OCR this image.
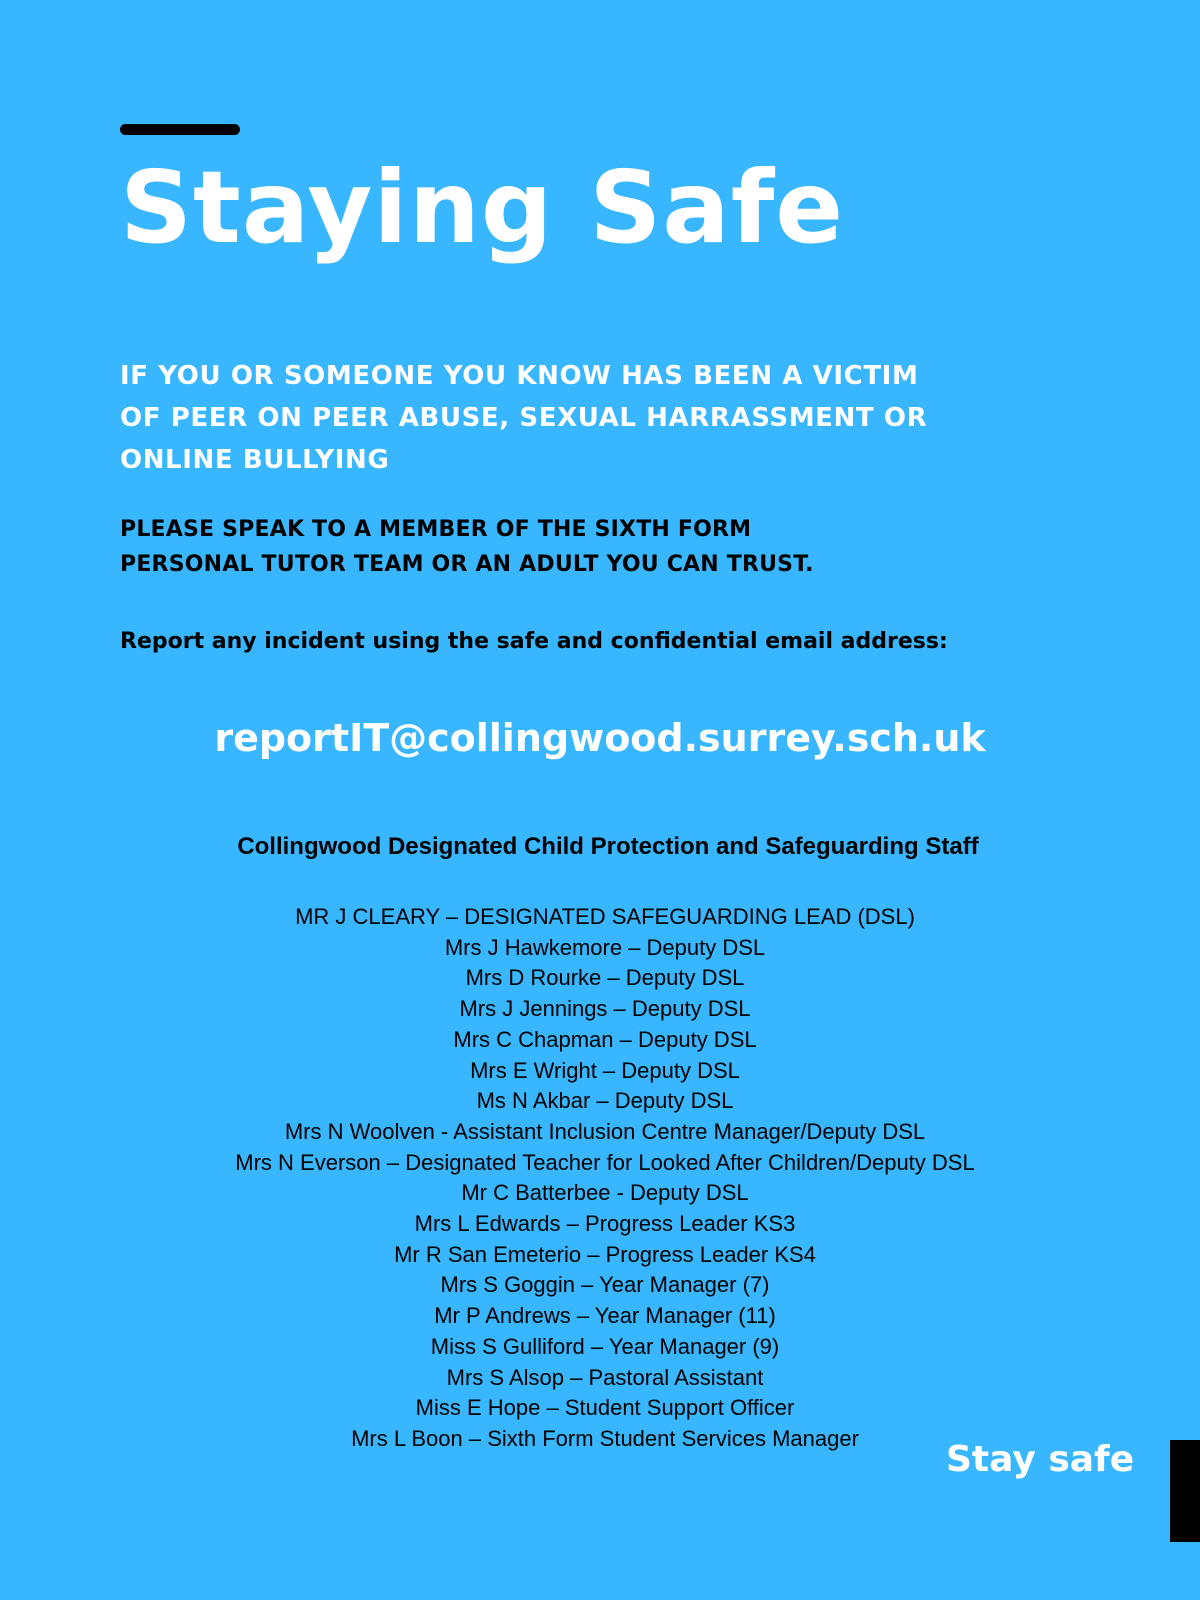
Staying Safe

IF YOU OR SOMEONE YOU KNOW HAS BEEN A VICTIM
OF PEER ON PEER ABUSE, SEXUAL HARRASSMENT OR
ONLINE BULLYING

PLEASE SPEAK TO A MEMBER OF THE SIXTH FORM
PERSONAL TUTOR TEAM OR AN ADULT YOU CAN TRUST.

Report any incident using the safe and confidential email address:

reportIT@collingwood.surrey.sch.uk
Collingwood Designated Child Protection and Safeguarding Staff
MR J CLEARY – DESIGNATED SAFEGUARDING LEAD (DSL)
Mrs J Hawkemore – Deputy DSL
Mrs D Rourke – Deputy DSL
Mrs J Jennings – Deputy DSL
Mrs C Chapman – Deputy DSL
Mrs E Wright – Deputy DSL
Ms N Akbar – Deputy DSL
Mrs N Woolven - Assistant Inclusion Centre Manager/Deputy DSL
Mrs N Everson – Designated Teacher for Looked After Children/Deputy DSL
Mr C Batterbee - Deputy DSL
Mrs L Edwards – Progress Leader KS3
Mr R San Emeterio – Progress Leader KS4
Mrs S Goggin – Year Manager (7)
Mr P Andrews – Year Manager (11)
Miss S Gulliford – Year Manager (9)
Mrs S Alsop – Pastoral Assistant
Miss E Hope – Student Support Officer
Mrs L Boon – Sixth Form Student Services Manager
Stay safe
